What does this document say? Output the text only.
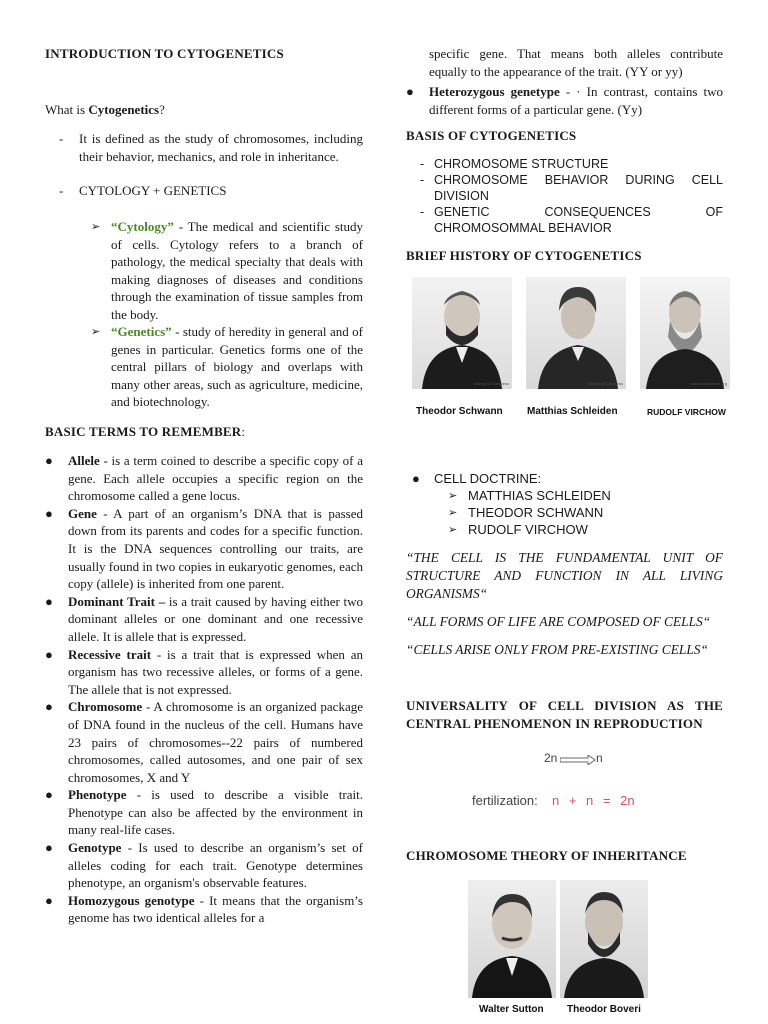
INTRODUCTION TO CYTOGENETICS
What is Cytogenetics?
- It is defined as the study of chromosomes, including their behavior, mechanics, and role in inheritance.
- CYTOLOGY + GENETICS
➢ “Cytology” - The medical and scientific study of cells. Cytology refers to a branch of pathology, the medical specialty that deals with making diagnoses of diseases and conditions through the examination of tissue samples from the body.
➢ “Genetics” - study of heredity in general and of genes in particular. Genetics forms one of the central pillars of biology and overlaps with many other areas, such as agriculture, medicine, and biotechnology.
BASIC TERMS TO REMEMBER:
● Allele - is a term coined to describe a specific copy of a gene. Each allele occupies a specific region on the chromosome called a gene locus.
● Gene - A part of an organism’s DNA that is passed down from its parents and codes for a specific function. It is the DNA sequences controlling our traits, are usually found in two copies in eukaryotic genomes, each copy (allele) is inherited from one parent.
● Dominant Trait – is a trait caused by having either two dominant alleles or one dominant and one recessive allele. It is allele that is expressed.
● Recessive trait - is a trait that is expressed when an organism has two recessive alleles, or forms of a gene. The allele that is not expressed.
● Chromosome - A chromosome is an organized package of DNA found in the nucleus of the cell. Humans have 23 pairs of chromosomes--22 pairs of numbered chromosomes, called autosomes, and one pair of sex chromosomes, X and Y
● Phenotype - is used to describe a visible trait. Phenotype can also be affected by the environment in many real-life cases.
● Genotype - Is used to describe an organism’s set of alleles coding for each trait. Genotype determines phenotype, an organism's observable features.
● Homozygous genotype - It means that the organism’s genome has two identical alleles for a
specific gene. That means both alleles contribute equally to the appearance of the trait. (YY or yy)
● Heterozygous genetype - · In contrast, contains two different forms of a particular gene. (Yy)
BASIS OF CYTOGENETICS
- CHROMOSOME STRUCTURE
- CHROMOSOME BEHAVIOR DURING CELL DIVISION
- GENETIC CONSEQUENCES OF CHROMOSOMMAL BEHAVIOR
BRIEF HISTORY OF CYTOGENETICS
Library of Congress	Library of Congress	www.ecoscience.org
Theodor Schwann Matthias Schleiden	RUDOLF VIRCHOW
● CELL DOCTRINE:
➢ MATTHIAS SCHLEIDEN
➢ THEODOR SCHWANN
➢ RUDOLF VIRCHOW
“THE CELL IS THE FUNDAMENTAL UNIT OF STRUCTURE AND FUNCTION IN ALL LIVING ORGANISMS“
“ALL FORMS OF LIFE ARE COMPOSED OF CELLS“
“CELLS ARISE ONLY FROM PRE-EXISTING CELLS“
UNIVERSALITY OF CELL DIVISION AS THE CENTRAL PHENOMENON IN REPRODUCTION
2n	n
fertilization: n + n = 2n
CHROMOSOME THEORY OF INHERITANCE
Walter Sutton Theodor Boveri
